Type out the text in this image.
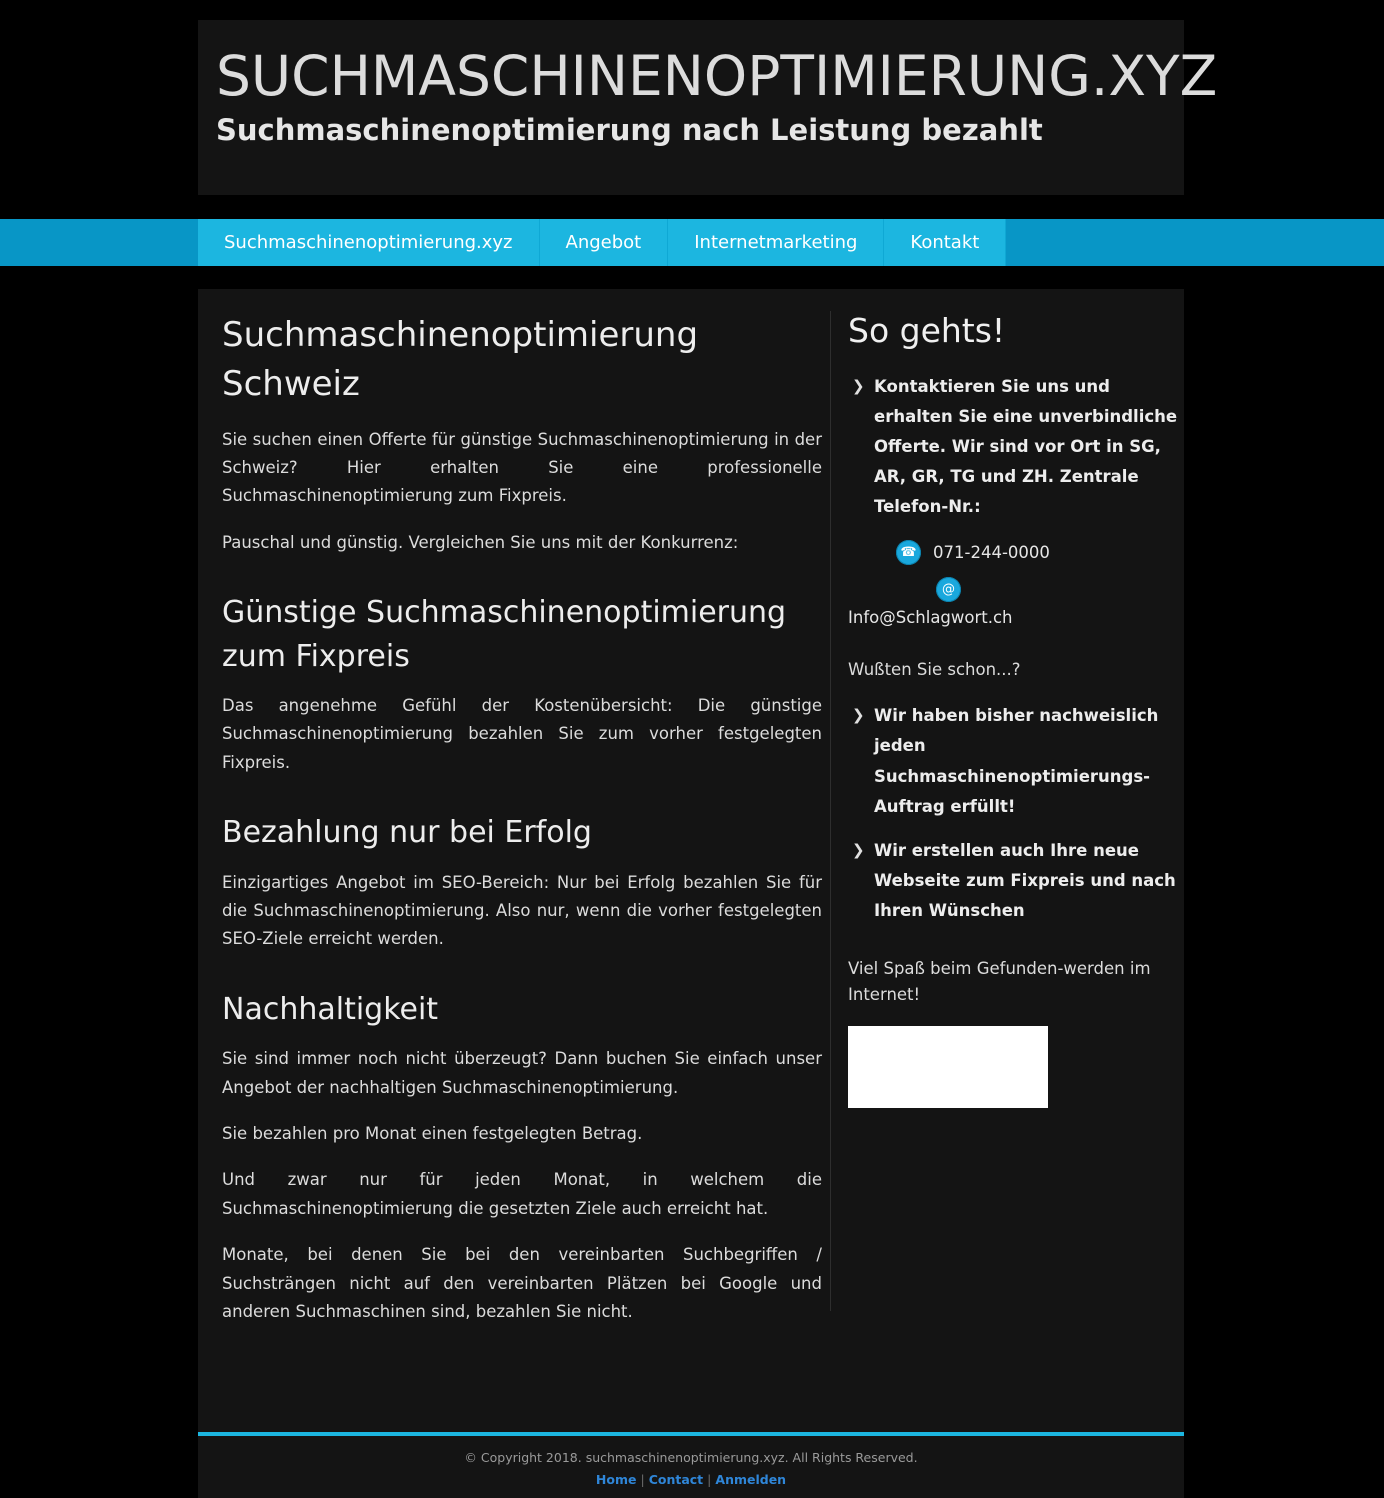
SUCHMASCHINENOPTIMIERUNG.XYZ
Suchmaschinenoptimierung nach Leistung bezahlt
Suchmaschinenoptimierung.xyz	Angebot	Internetmarketing	Kontakt
Suchmaschinenoptimierung Schweiz

Sie suchen einen Offerte für günstige Suchmaschinenoptimierung in der Schweiz? Hier erhalten Sie eine professionelle Suchmaschinenoptimierung zum Fixpreis.

Pauschal und günstig. Vergleichen Sie uns mit der Konkurrenz:

Günstige Suchmaschinenoptimierung zum Fixpreis

Das angenehme Gefühl der Kostenübersicht: Die günstige Suchmaschinenoptimierung bezahlen Sie zum vorher festgelegten Fixpreis.

Bezahlung nur bei Erfolg

Einzigartiges Angebot im SEO-Bereich: Nur bei Erfolg bezahlen Sie für die Suchmaschinenoptimierung. Also nur, wenn die vorher festgelegten SEO-Ziele erreicht werden.

Nachhaltigkeit

Sie sind immer noch nicht überzeugt? Dann buchen Sie einfach unser Angebot der nachhaltigen Suchmaschinenoptimierung.

Sie bezahlen pro Monat einen festgelegten Betrag.

Und zwar nur für jeden Monat, in welchem die Suchmaschinenoptimierung die gesetzten Ziele auch erreicht hat.

Monate, bei denen Sie bei den vereinbarten Suchbegriffen / Suchsträngen nicht auf den vereinbarten Plätzen bei Google und anderen Suchmaschinen sind, bezahlen Sie nicht.

So gehts!
❯ Kontaktieren Sie uns und erhalten Sie eine unverbindliche Offerte. Wir sind vor Ort in SG, AR, GR, TG und ZH. Zentrale Telefon-Nr.:
☎ 071-244-0000
@
Info@Schlagwort.ch

Wußten Sie schon...?

❯ Wir haben bisher nachweislich jeden Suchmaschinenoptimierungs-Auftrag erfüllt!
❯ Wir erstellen auch Ihre neue Webseite zum Fixpreis und nach Ihren Wünschen

Viel Spaß beim Gefunden-werden im Internet!

© Copyright 2018. suchmaschinenoptimierung.xyz. All Rights Reserved.
Home | Contact | Anmelden
